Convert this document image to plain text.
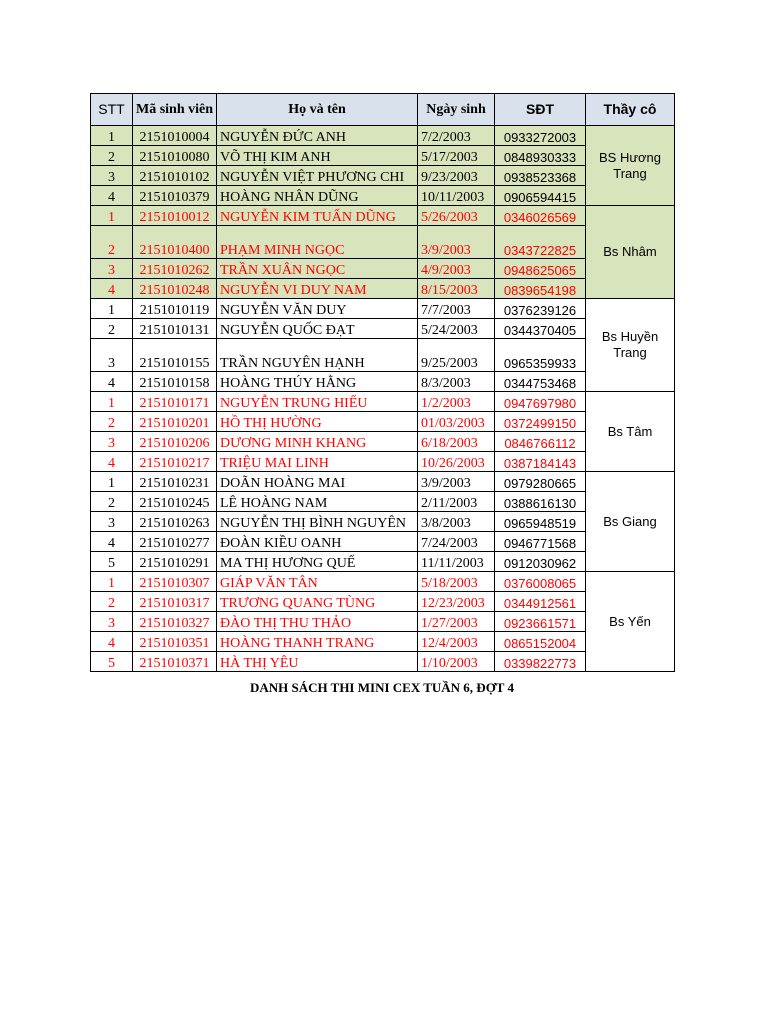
STT	Mã sinh viên	Họ và tên	Ngày sinh	SĐT	Thầy cô
1	2151010004	NGUYỄN ĐỨC ANH	7/2/2003	0933272003	BS Hương Trang
2	2151010080	VÕ THỊ KIM ANH	5/17/2003	0848930333	
3	2151010102	NGUYỄN VIỆT PHƯƠNG CHI	9/23/2003	0938523368	
4	2151010379	HOÀNG NHÂN DŨNG	10/11/2003	0906594415	
1	2151010012	NGUYỄN KIM TUẤN DŨNG	5/26/2003	0346026569	Bs Nhâm
2	2151010400	PHẠM MINH NGỌC	3/9/2003	0343722825	
3	2151010262	TRẦN XUÂN NGỌC	4/9/2003	0948625065	
4	2151010248	NGUYỄN VI DUY NAM	8/15/2003	0839654198	
1	2151010119	NGUYỄN VĂN DUY	7/7/2003	0376239126	Bs Huyền Trang
2	2151010131	NGUYỄN QUỐC ĐẠT	5/24/2003	0344370405	
3	2151010155	TRẦN NGUYÊN HẠNH	9/25/2003	0965359933	
4	2151010158	HOÀNG THÚY HẰNG	8/3/2003	0344753468	
1	2151010171	NGUYỄN TRUNG HIẾU	1/2/2003	0947697980	Bs Tâm
2	2151010201	HỒ THỊ HƯỜNG	01/03/2003	0372499150	
3	2151010206	DƯƠNG MINH KHANG	6/18/2003	0846766112	
4	2151010217	TRIỆU MAI LINH	10/26/2003	0387184143	
1	2151010231	DOÃN HOÀNG MAI	3/9/2003	0979280665	Bs Giang
2	2151010245	LÊ HOÀNG NAM	2/11/2003	0388616130	
3	2151010263	NGUYỄN THỊ BÌNH NGUYÊN	3/8/2003	0965948519	
4	2151010277	ĐOÀN KIỀU OANH	7/24/2003	0946771568	
5	2151010291	MA THỊ HƯƠNG QUẾ	11/11/2003	0912030962	
1	2151010307	GIÁP VĂN TÂN	5/18/2003	0376008065	Bs Yến
2	2151010317	TRƯƠNG QUANG TÙNG	12/23/2003	0344912561	
3	2151010327	ĐÀO THỊ THU THẢO	1/27/2003	0923661571	
4	2151010351	HOÀNG THANH TRANG	12/4/2003	0865152004	
5	2151010371	HÀ THỊ YÊU	1/10/2003	0339822773	
DANH SÁCH THI MINI CEX TUẦN 6, ĐỢT 4
